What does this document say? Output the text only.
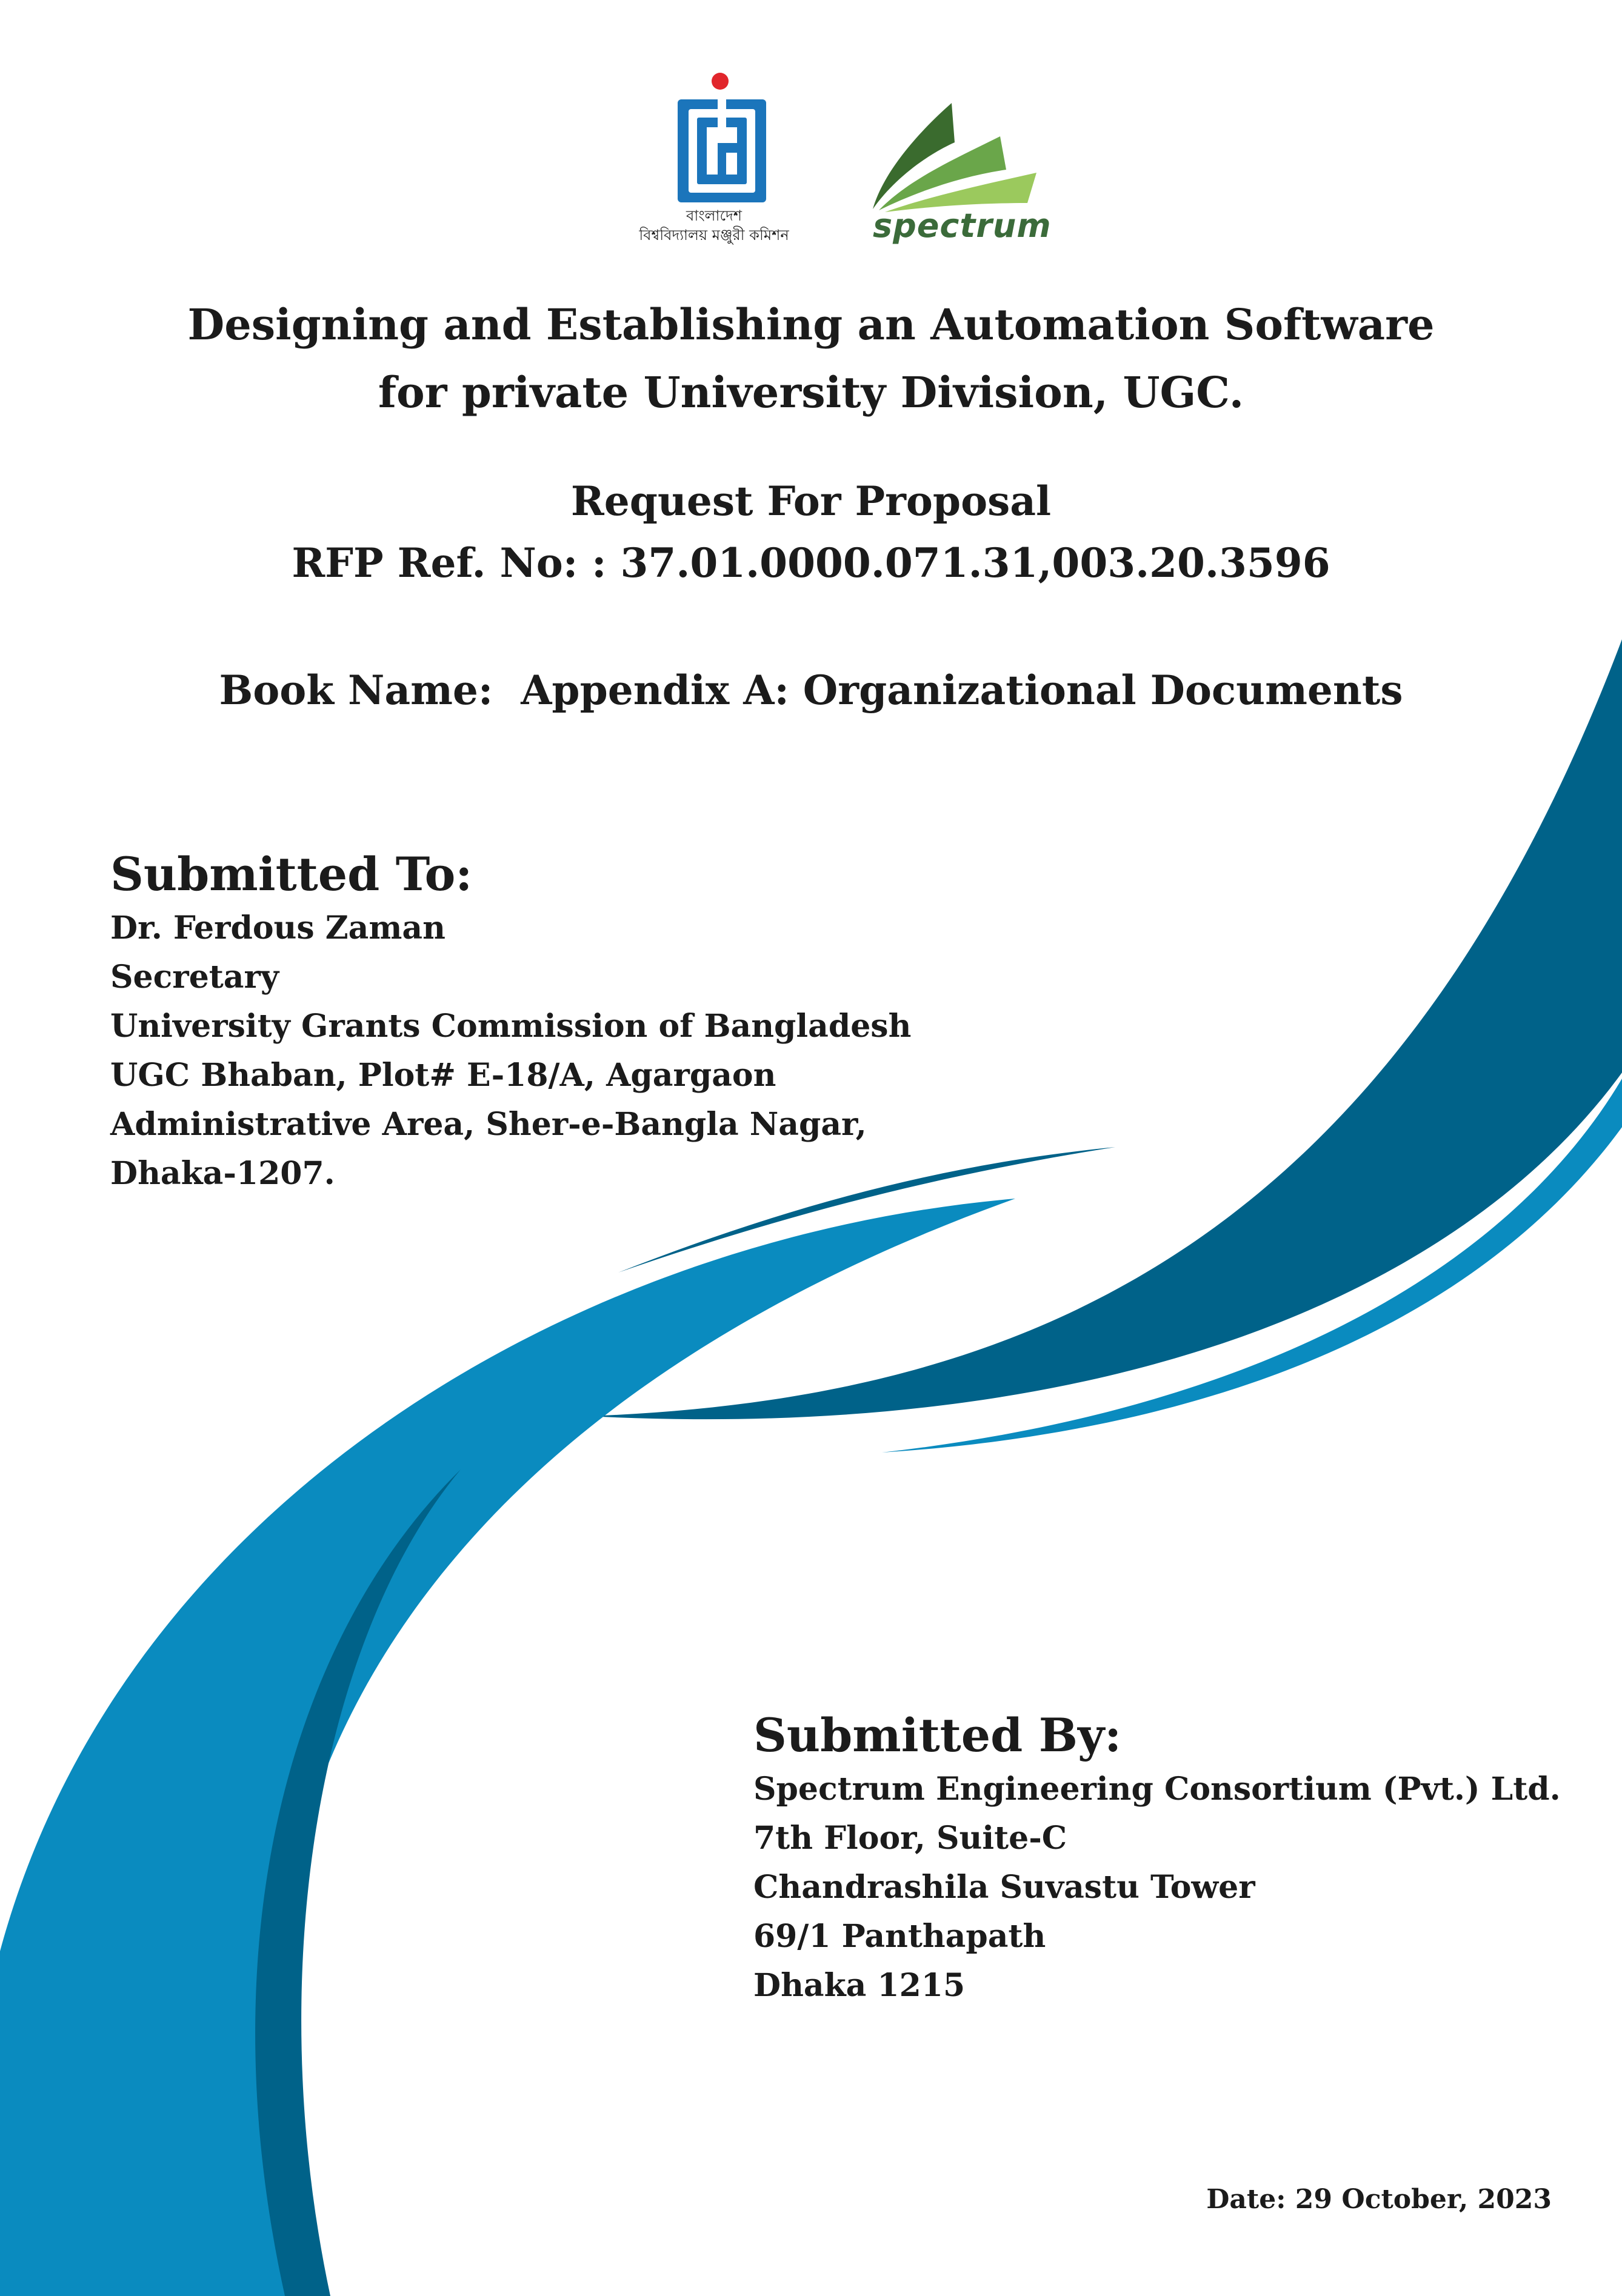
বাংলাদেশ
বিশ্ববিদ্যালয় মঞ্জুরী কমিশন	spectrum
Designing and Establishing an Automation Software
for private University Division, UGC.
Request For Proposal
RFP Ref. No: : 37.01.0000.071.31,003.20.3596
Book Name:  Appendix A: Organizational Documents
Submitted To:
Dr. Ferdous Zaman
Secretary
University Grants Commission of Bangladesh
UGC Bhaban, Plot# E-18/A, Agargaon
Administrative Area, Sher-e-Bangla Nagar,
Dhaka-1207.
Submitted By:
Spectrum Engineering Consortium (Pvt.) Ltd.
7th Floor, Suite-C
Chandrashila Suvastu Tower
69/1 Panthapath
Dhaka 1215
Date: 29 October, 2023
